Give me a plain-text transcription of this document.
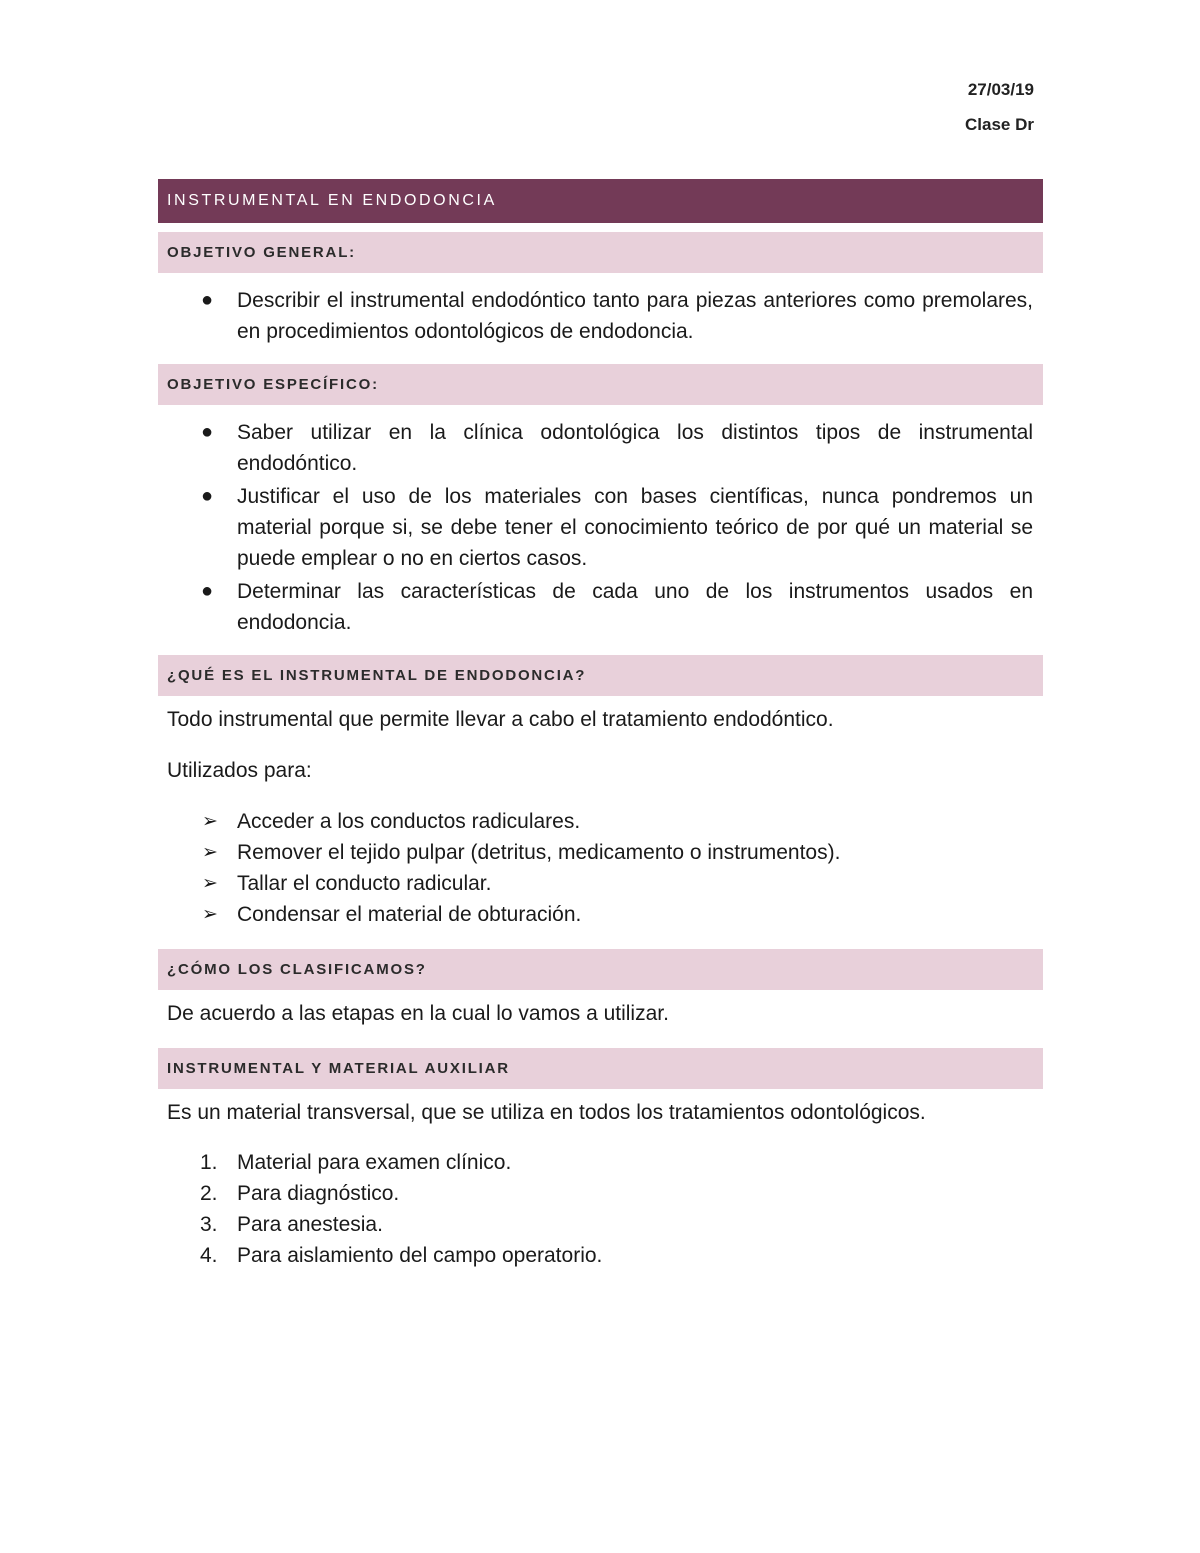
27/03/19
Clase Dr
INSTRUMENTAL EN ENDODONCIA
OBJETIVO GENERAL:
● Describir el instrumental endodóntico tanto para piezas anteriores como premolares, en procedimientos odontológicos de endodoncia.
OBJETIVO ESPECÍFICO:
● Saber utilizar en la clínica odontológica los distintos tipos de instrumental endodóntico.
● Justificar el uso de los materiales con bases científicas, nunca pondremos un material porque si, se debe tener el conocimiento teórico de por qué un material se puede emplear o no en ciertos casos.
● Determinar las características de cada uno de los instrumentos usados en endodoncia.
¿QUÉ ES EL INSTRUMENTAL DE ENDODONCIA?

Todo instrumental que permite llevar a cabo el tratamiento endodóntico.

Utilizados para:

➢ Acceder a los conductos radiculares.
➢ Remover el tejido pulpar (detritus, medicamento o instrumentos).
➢ Tallar el conducto radicular.
➢ Condensar el material de obturación.
¿CÓMO LOS CLASIFICAMOS?

De acuerdo a las etapas en la cual lo vamos a utilizar.

INSTRUMENTAL Y MATERIAL AUXILIAR

Es un material transversal, que se utiliza en todos los tratamientos odontológicos.

1. Material para examen clínico.
2. Para diagnóstico.
3. Para anestesia.
4. Para aislamiento del campo operatorio.
